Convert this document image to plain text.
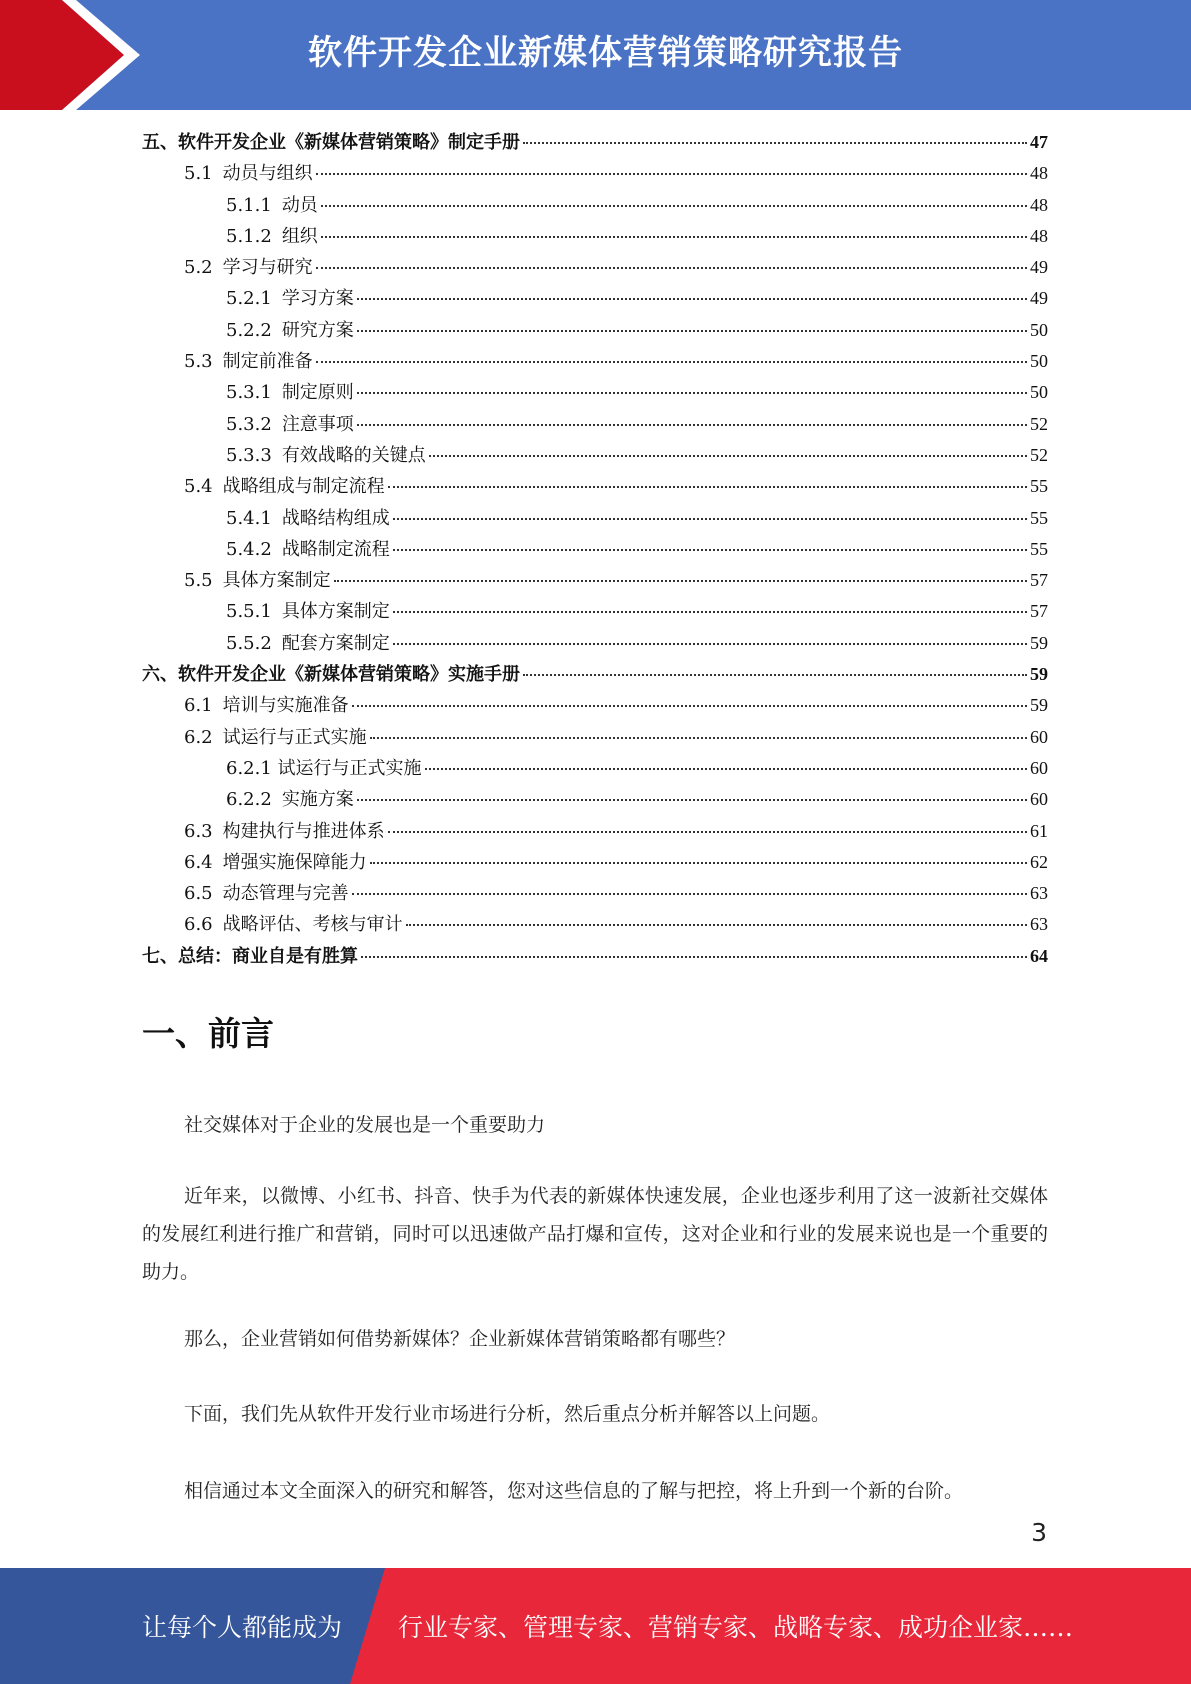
软件开发企业新媒体营销策略研究报告
五、软件开发企业《新媒体营销策略》制定手册	47
5.1 动员与组织	48
5.1.1 动员	48
5.1.2 组织	48
5.2 学习与研究	49
5.2.1 学习方案	49
5.2.2 研究方案	50
5.3 制定前准备	50
5.3.1 制定原则	50
5.3.2 注意事项	52
5.3.3 有效战略的关键点	52
5.4 战略组成与制定流程	55
5.4.1 战略结构组成	55
5.4.2 战略制定流程	55
5.5 具体方案制定	57
5.5.1 具体方案制定	57
5.5.2 配套方案制定	59
六、软件开发企业《新媒体营销策略》实施手册	59
6.1 培训与实施准备	59
6.2 试运行与正式实施	60
6.2.1 试运行与正式实施	60
6.2.2 实施方案	60
6.3 构建执行与推进体系	61
6.4 增强实施保障能力	62
6.5 动态管理与完善	63
6.6 战略评估、考核与审计	63
七、总结：商业自是有胜算	64
一、前言

社交媒体对于企业的发展也是一个重要助力

近年来，以微博、小红书、抖音、快手为代表的新媒体快速发展，企业也逐步利用了这一波新社交媒体的发展红利进行推广和营销，同时可以迅速做产品打爆和宣传，这对企业和行业的发展来说也是一个重要的助力。

那么，企业营销如何借势新媒体？企业新媒体营销策略都有哪些？

下面，我们先从软件开发行业市场进行分析，然后重点分析并解答以上问题。

相信通过本文全面深入的研究和解答，您对这些信息的了解与把控，将上升到一个新的台阶。

3
让每个人都能成为 行业专家、管理专家、营销专家、战略专家、成功企业家……
